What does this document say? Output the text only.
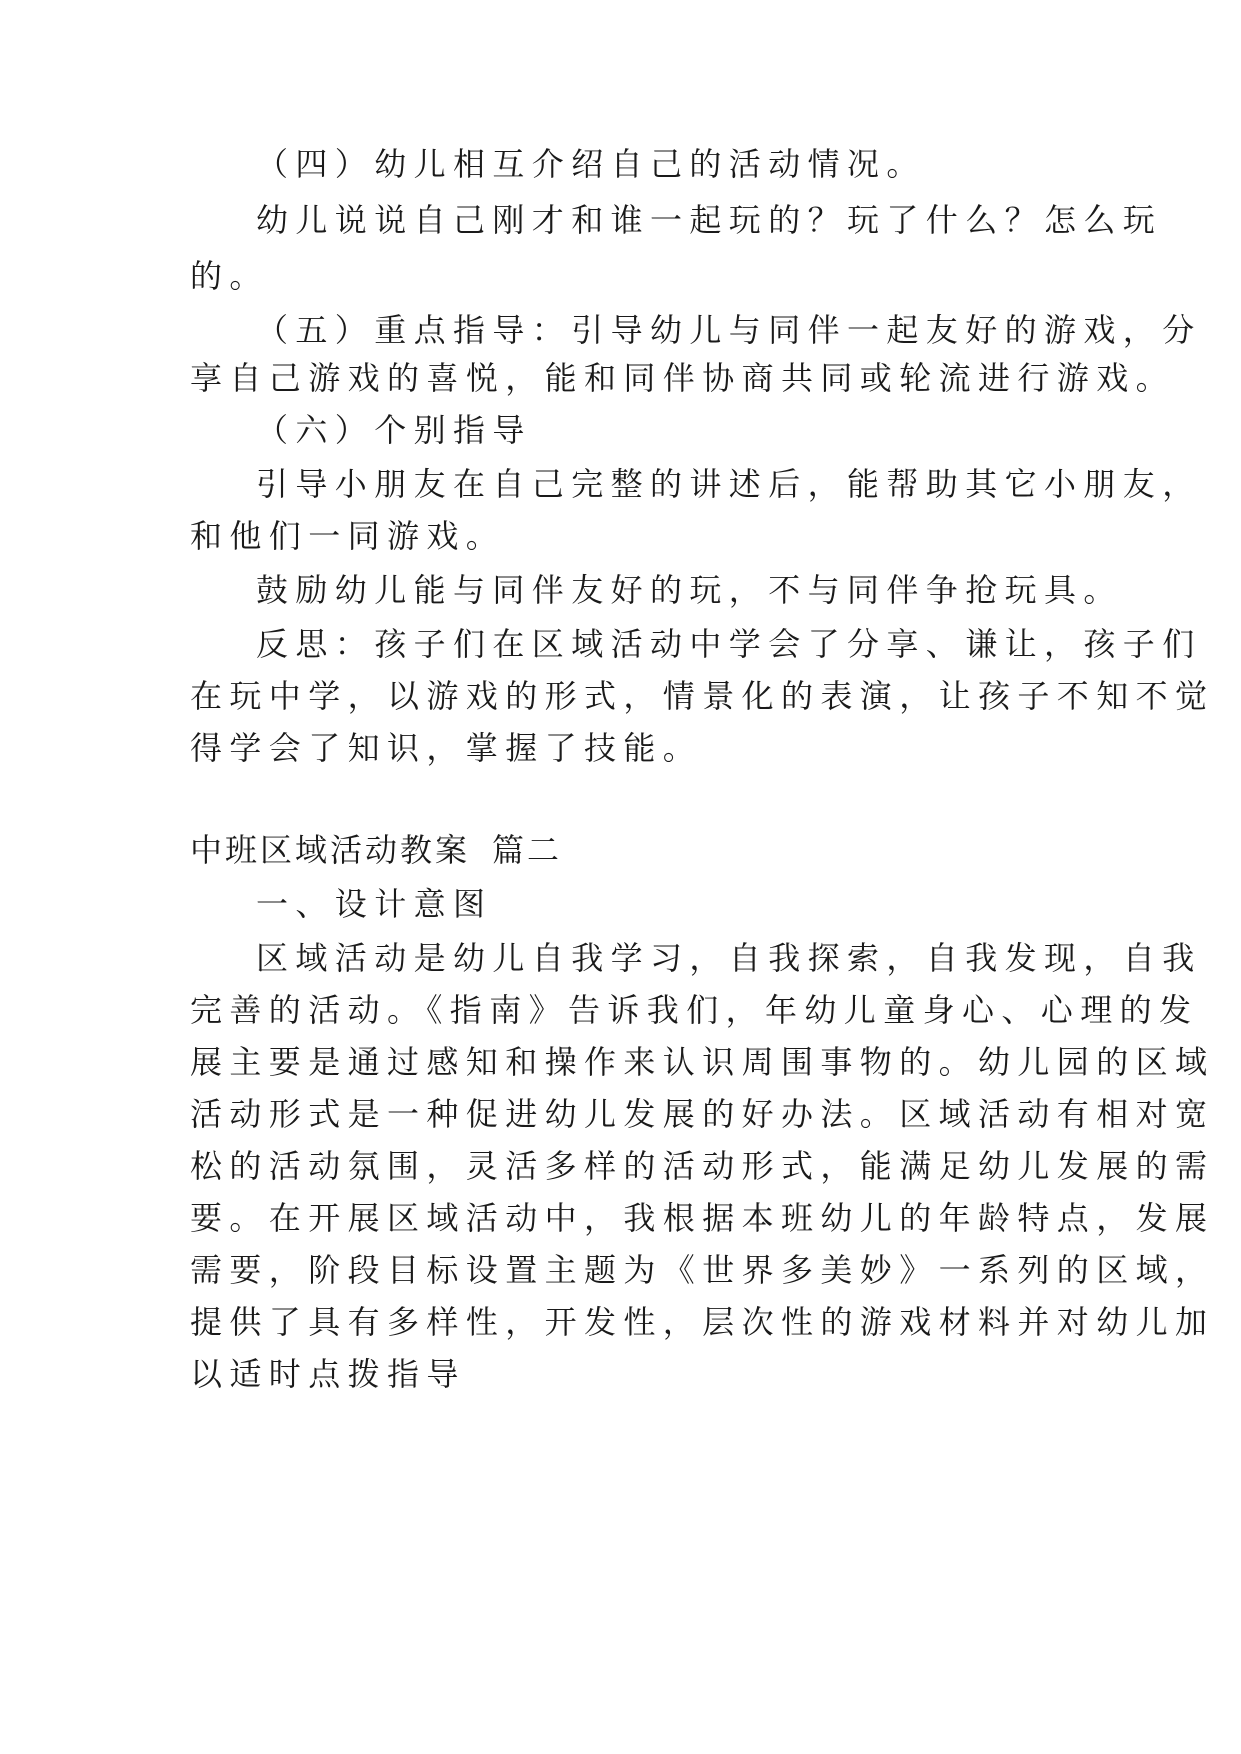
（四）幼儿相互介绍自己的活动情况。
幼儿说说自己刚才和谁一起玩的？玩了什么？怎么玩
的。
（五）重点指导：引导幼儿与同伴一起友好的游戏，分
享自己游戏的喜悦，能和同伴协商共同或轮流进行游戏。
（六）个别指导
引导小朋友在自己完整的讲述后，能帮助其它小朋友，
和他们一同游戏。
鼓励幼儿能与同伴友好的玩，不与同伴争抢玩具。
反思：孩子们在区域活动中学会了分享、谦让，孩子们
在玩中学，以游戏的形式，情景化的表演，让孩子不知不觉
得学会了知识，掌握了技能。
中班区域活动教案 篇二
一、设计意图
区域活动是幼儿自我学习，自我探索，自我发现，自我
完善的活动。《指南》告诉我们，年幼儿童身心、心理的发
展主要是通过感知和操作来认识周围事物的。幼儿园的区域
活动形式是一种促进幼儿发展的好办法。区域活动有相对宽
松的活动氛围，灵活多样的活动形式，能满足幼儿发展的需
要。在开展区域活动中，我根据本班幼儿的年龄特点，发展
需要，阶段目标设置主题为《世界多美妙》一系列的区域，
提供了具有多样性，开发性，层次性的游戏材料并对幼儿加
以适时点拨指导
